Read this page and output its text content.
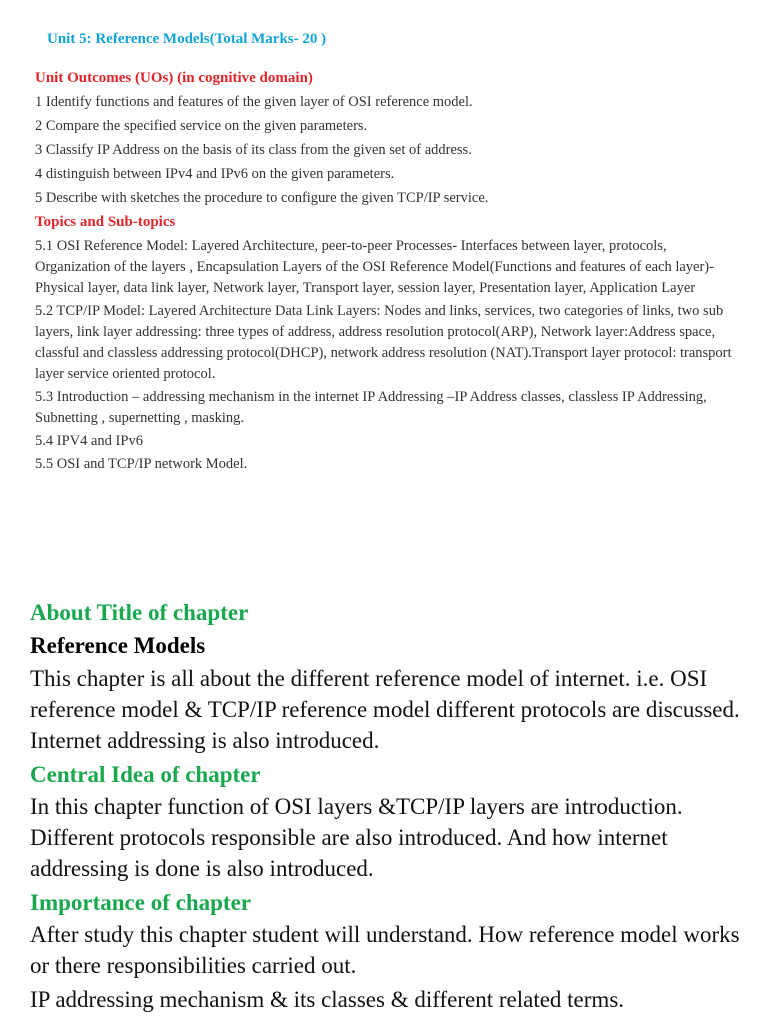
Unit 5: Reference Models(Total Marks- 20 )

Unit Outcomes (UOs) (in cognitive domain)

1 Identify functions and features of the given layer of OSI reference model.

2 Compare the specified service on the given parameters.

3 Classify IP Address on the basis of its class from the given set of address.

4 distinguish between IPv4 and IPv6 on the given parameters.

5 Describe with sketches the procedure to configure the given TCP/IP service.

Topics and Sub-topics

5.1 OSI Reference Model: Layered Architecture, peer-to-peer Processes- Interfaces between layer, protocols, Organization of the layers , Encapsulation Layers of the OSI Reference Model(Functions and features of each layer)-Physical layer, data link layer, Network layer, Transport layer, session layer, Presentation layer, Application Layer

5.2 TCP/IP Model: Layered Architecture Data Link Layers: Nodes and links, services, two categories of links, two sub layers, link layer addressing: three types of address, address resolution protocol(ARP), Network layer:Address space, classful and classless addressing protocol(DHCP), network address resolution (NAT).Transport layer protocol: transport layer service oriented protocol.

5.3 Introduction – addressing mechanism in the internet IP Addressing –IP Address classes, classless IP Addressing, Subnetting , supernetting , masking.

5.4 IPV4 and IPv6

5.5 OSI and TCP/IP network Model.

About Title of chapter

Reference Models

This chapter is all about the different reference model of internet. i.e. OSI reference model & TCP/IP reference model different protocols are discussed. Internet addressing is also introduced.

Central Idea of chapter

In this chapter function of OSI layers &TCP/IP layers are introduction. Different protocols responsible are also introduced. And how internet addressing is done is also introduced.

Importance of chapter

After study this chapter student will understand. How reference model works or there responsibilities carried out.

IP addressing mechanism & its classes & different related terms.
